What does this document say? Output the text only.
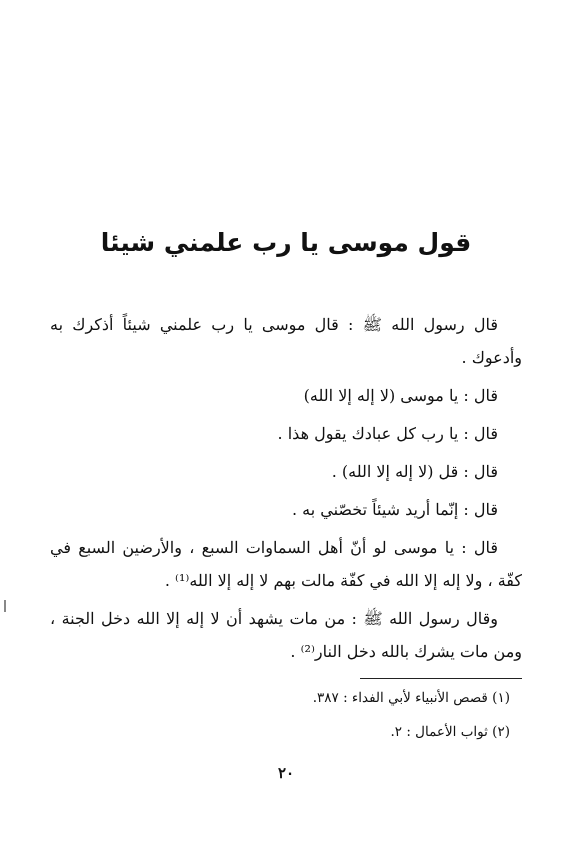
قول موسى يا رب علمني شيئا

قال رسول الله ﷺ : قال موسى يا رب علمني شيئاً أذكرك به وأدعوك .

قال : يا موسى (لا إله إلا الله)

قال : يا رب كل عبادك يقول هذا .

قال : قل (لا إله إلا الله) .

قال : إنّما أريد شيئاً تخصّني به .

قال : يا موسى لو أنّ أهل السماوات السبع ، والأرضين السبع في كفّة ، ولا إله إلا الله في كفّة مالت بهم لا إله إلا الله⁽¹⁾ .

وقال رسول الله ﷺ : من مات يشهد أن لا إله إلا الله دخل الجنة ، ومن مات يشرك بالله دخل النار⁽²⁾ .

(١) قصص الأنبياء لأبي الفداء : ٣٨٧.

(٢) ثواب الأعمال : ٢.

٢٠
